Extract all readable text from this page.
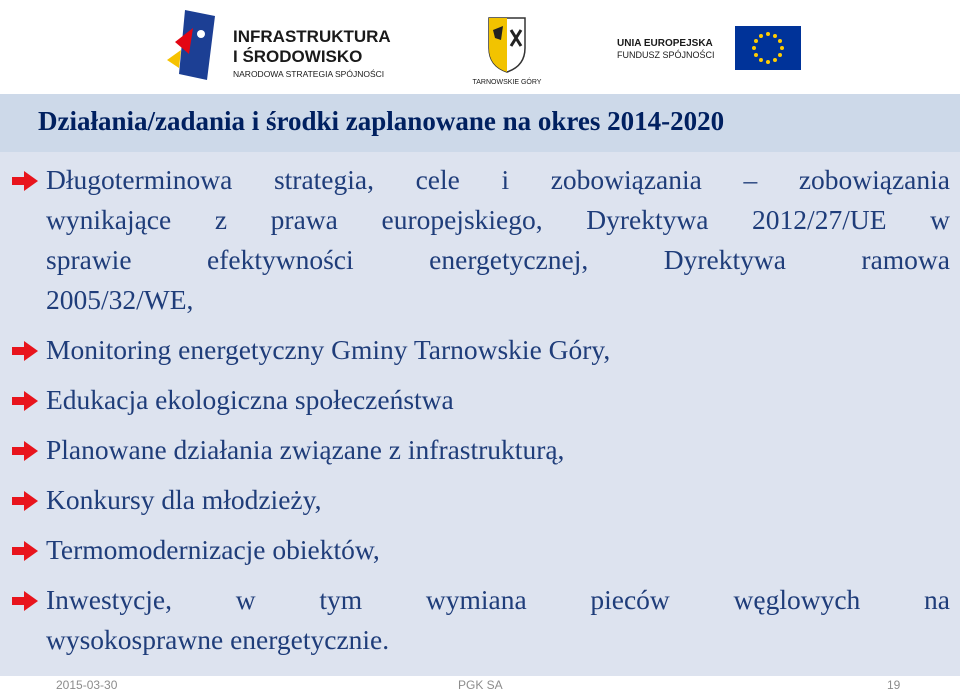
INFRASTRUKTURA
I ŚRODOWISKO
NARODOWA STRATEGIA SPÓJNOŚCI
TARNOWSKIE GÓRY
UNIA EUROPEJSKA
FUNDUSZ SPÓJNOŚCI
Działania/zadania i środki zaplanowane na okres 2014-2020
Długoterminowa strategia, cele i zobowiązania – zobowiązania
wynikające z prawa europejskiego, Dyrektywa 2012/27/UE w
sprawie efektywności energetycznej, Dyrektywa ramowa
2005/32/WE,
Monitoring energetyczny Gminy Tarnowskie Góry,
Edukacja ekologiczna społeczeństwa
Planowane działania związane z infrastrukturą,
Konkursy dla młodzieży,
Termomodernizacje obiektów,
Inwestycje, w tym wymiana pieców węglowych na
wysokosprawne energetycznie.
2015-03-30	PGK SA	19
